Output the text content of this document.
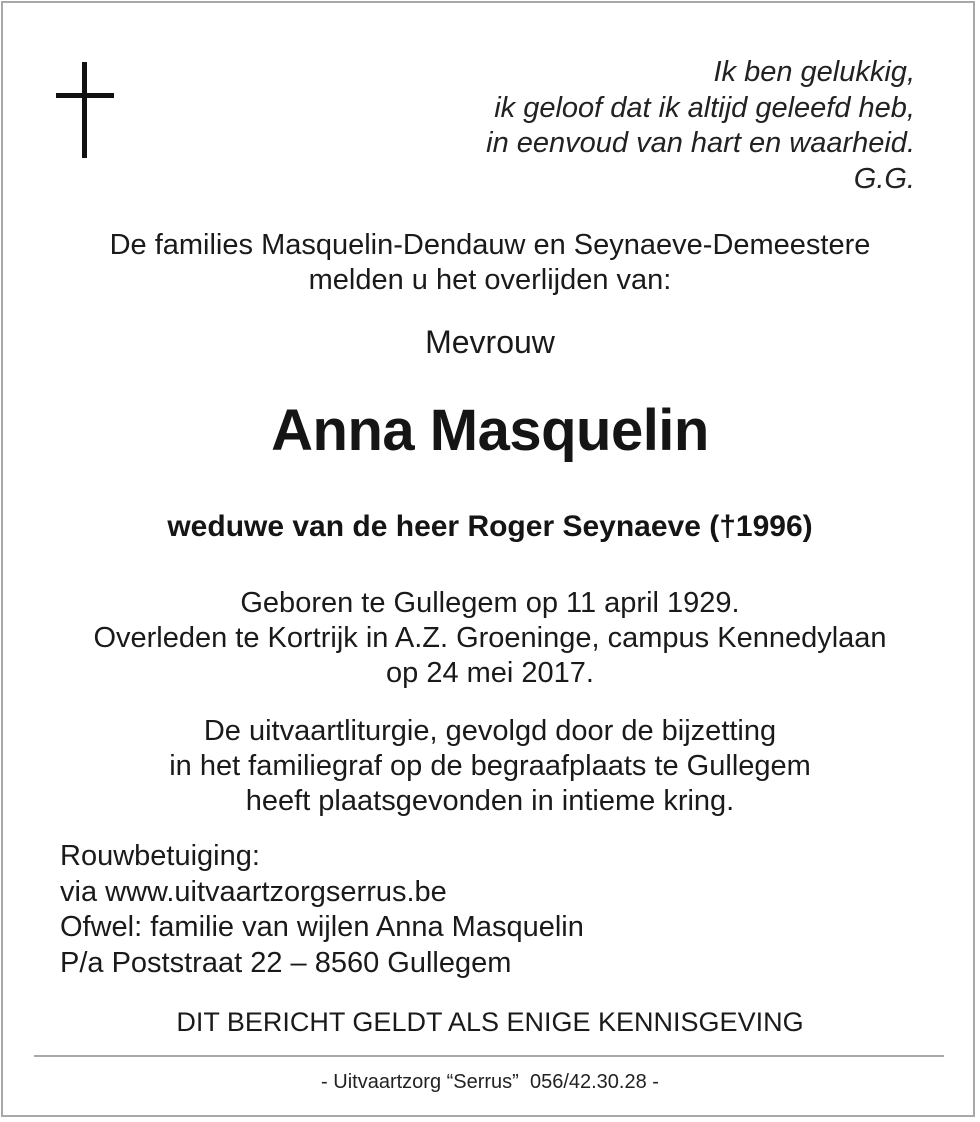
Ik ben gelukkig,
ik geloof dat ik altijd geleefd heb,
in eenvoud van hart en waarheid.
G.G.
De families Masquelin-Dendauw en Seynaeve-Demeestere
melden u het overlijden van:
Mevrouw
Anna Masquelin
weduwe van de heer Roger Seynaeve (†1996)
Geboren te Gullegem op 11 april 1929.
Overleden te Kortrijk in A.Z. Groeninge, campus Kennedylaan
op 24 mei 2017.
De uitvaartliturgie, gevolgd door de bijzetting
in het familiegraf op de begraafplaats te Gullegem
heeft plaatsgevonden in intieme kring.
Rouwbetuiging:
via www.uitvaartzorgserrus.be
Ofwel: familie van wijlen Anna Masquelin
P/a Poststraat 22 – 8560 Gullegem
DIT BERICHT GELDT ALS ENIGE KENNISGEVING
- Uitvaartzorg “Serrus”  056/42.30.28 -
